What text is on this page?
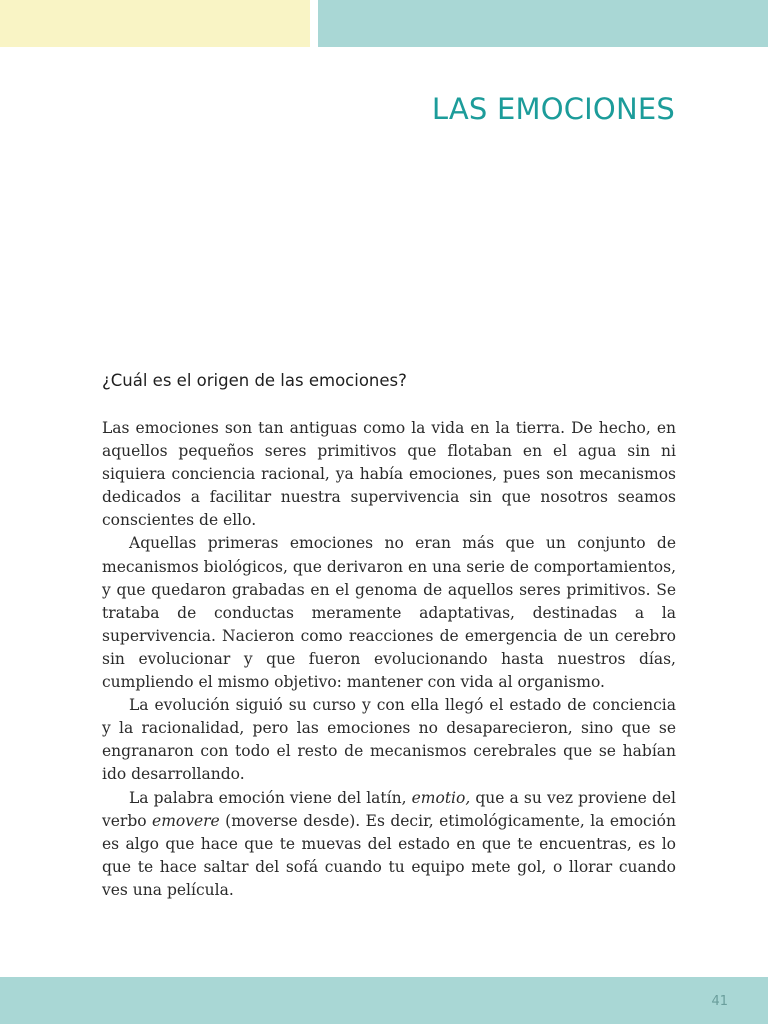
LAS EMOCIONES
¿Cuál es el origen de las emociones?

Las emociones son tan antiguas como la vida en la tierra. De hecho, en aquellos pequeños seres primitivos que flotaban en el agua sin ni siquiera conciencia racional, ya había emociones, pues son mecanismos dedicados a facilitar nuestra supervivencia sin que nosotros seamos conscientes de ello.

Aquellas primeras emociones no eran más que un conjunto de mecanismos biológicos, que derivaron en una serie de comportamientos, y que quedaron grabadas en el genoma de aquellos seres primitivos. Se trataba de conductas meramente adaptativas, destinadas a la supervivencia. Nacieron como reacciones de emergencia de un cerebro sin evolucionar y que fueron evolucionando hasta nuestros días, cumpliendo el mismo objetivo: mantener con vida al organismo.

La evolución siguió su curso y con ella llegó el estado de conciencia y la racionalidad, pero las emociones no desaparecieron, sino que se engranaron con todo el resto de mecanismos cerebrales que se habían ido desarrollando.

La palabra emoción viene del latín, emotio, que a su vez proviene del verbo emovere (moverse desde). Es decir, etimológicamente, la emoción es algo que hace que te muevas del estado en que te encuentras, es lo que te hace saltar del sofá cuando tu equipo mete gol, o llorar cuando ves una película.

41
